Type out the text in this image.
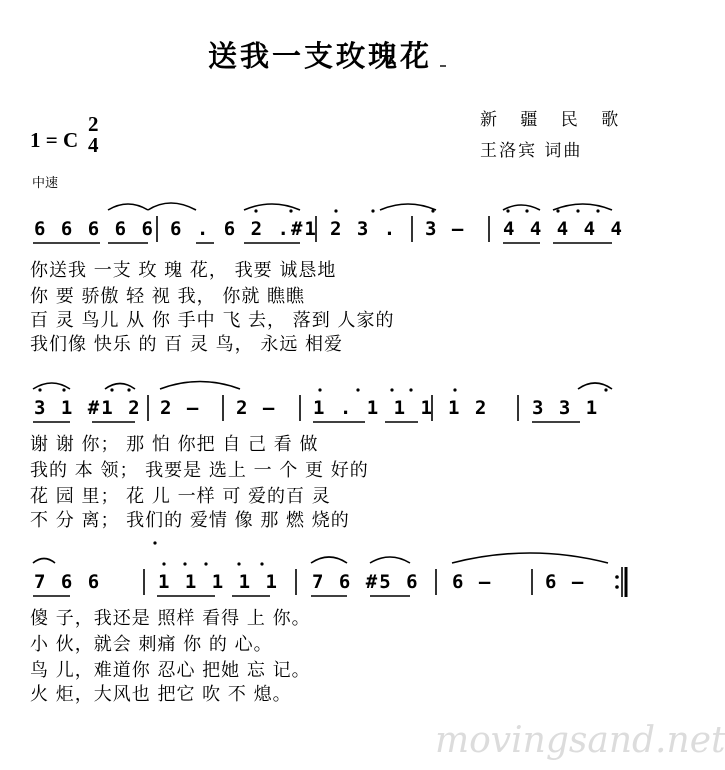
送我一支玫瑰花
1 = C
2
4
中速
新 疆 民 歌
王洛宾 词曲
6 6 6 6 6 6 . 6 2 .#1 2 3 . 3 – 4 4 4 4 4
你送我 一支 玫 瑰 花， 我要 诚恳地
你 要 骄傲 轻 视 我， 你就 瞧瞧
百 灵 鸟儿 从 你 手中 飞 去， 落到 人家的
我们像 快乐 的 百 灵 鸟， 永远 相爱
3 1 #1 2 2 – 2 – 1 . 1 1 1 1 2 3 3 1
谢 谢 你； 那 怕 你把 自 己 看 做
我的 本 领； 我要是 选上 一 个 更 好的
花 园 里； 花 儿 一样 可 爱的百 灵
不 分 离； 我们的 爱情 像 那 燃 烧的
7 6 6	1 1 1 1 1 7 6 #5 6 6 –	6 –
傻 子，我还是 照样 看得 上 你。
小 伙，就会 刺痛 你 的 心。
鸟 儿，难道你 忍心 把她 忘 记。
火 炬，大风也 把它 吹 不 熄。
movingsand.net
